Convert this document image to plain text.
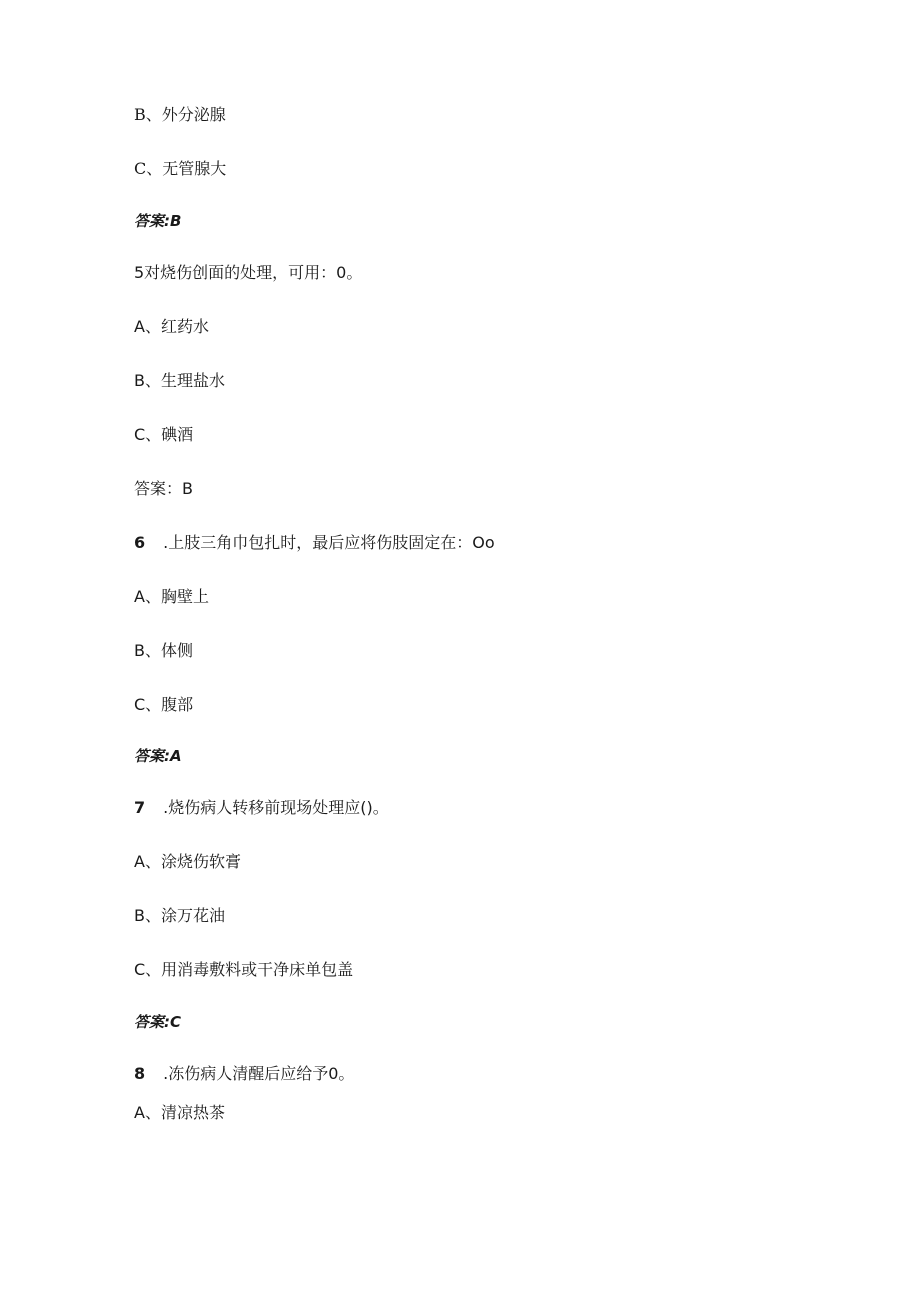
B、外分泌腺
C、无管腺大
答案:B
5对烧伤创面的处理，可用：0。
A、红药水
B、生理盐水
C、碘酒
答案：B
6 .上肢三角巾包扎时，最后应将伤肢固定在：Oo
A、胸壁上
B、体侧
C、腹部
答案:A
7 .烧伤病人转移前现场处理应()。
A、涂烧伤软膏
B、涂万花油
C、用消毒敷料或干净床单包盖
答案:C
8 .冻伤病人清醒后应给予0。
A、清凉热茶
